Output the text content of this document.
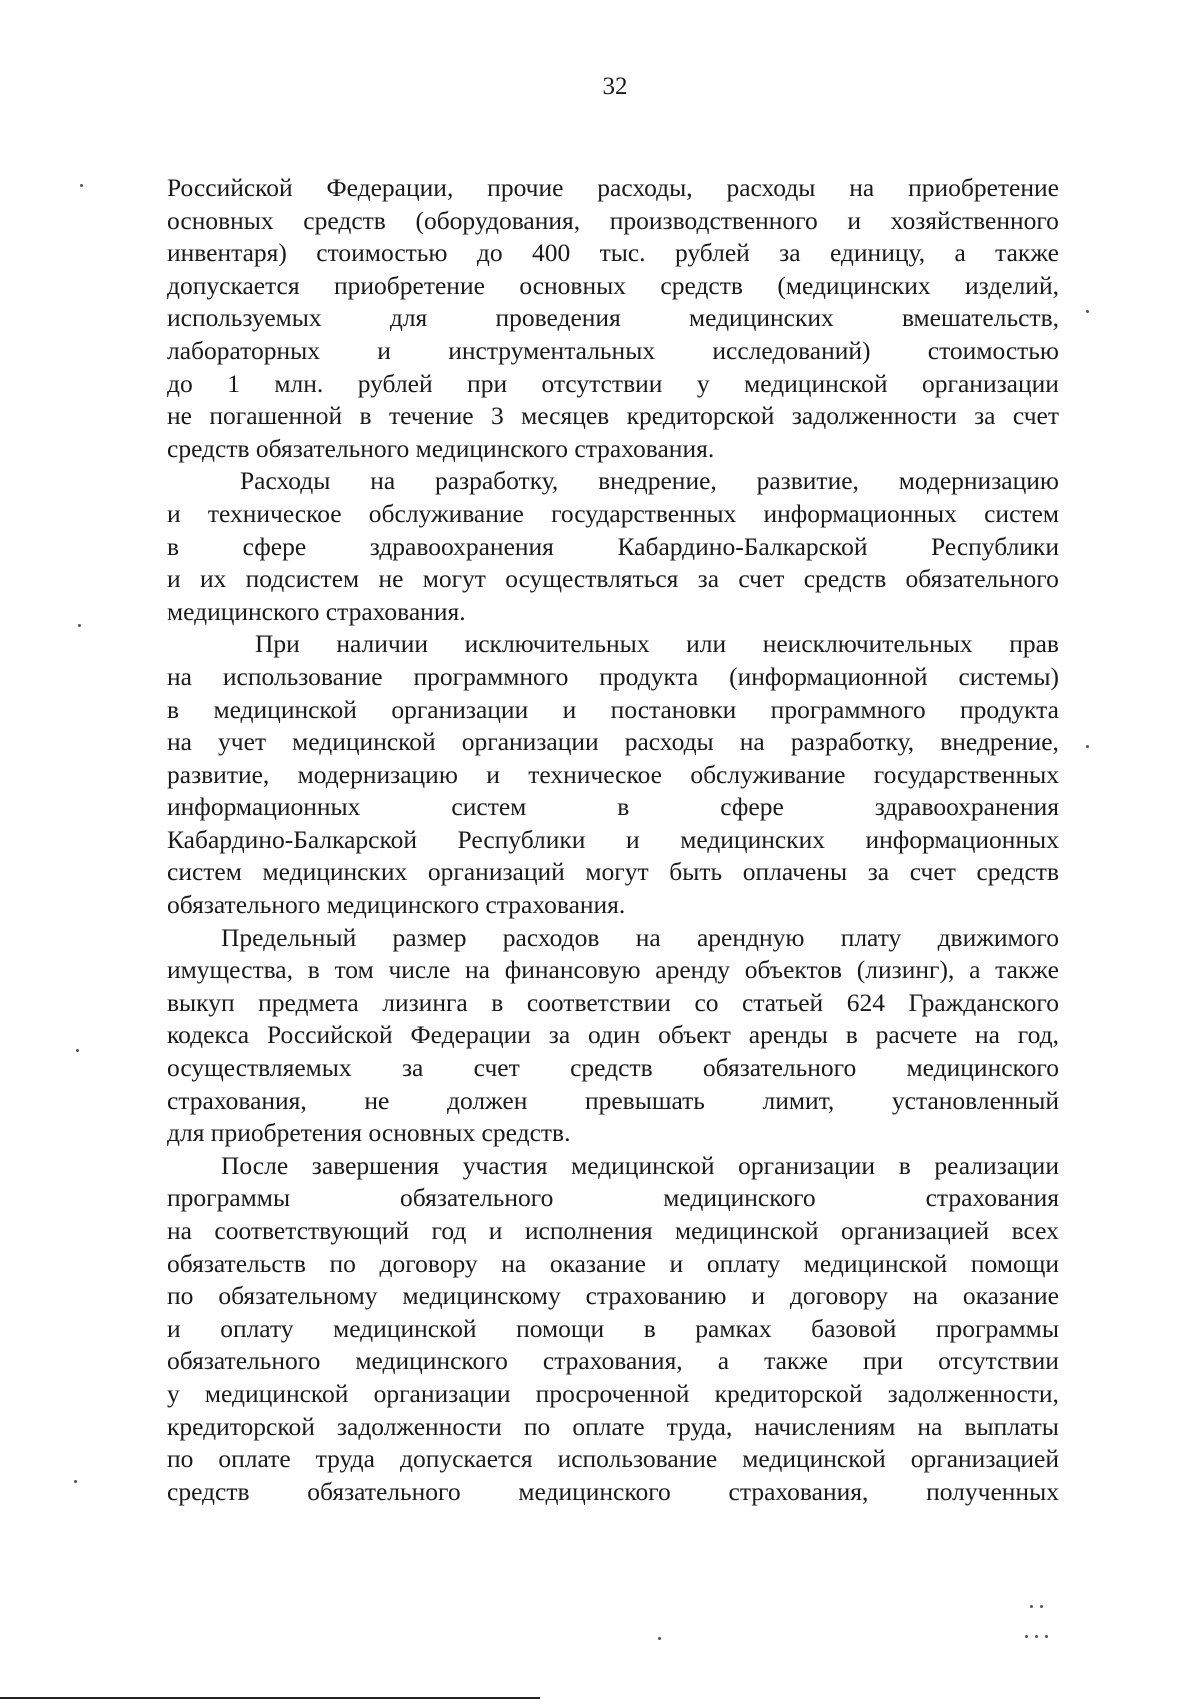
32
Российской Федерации, прочие расходы, расходы на приобретение
основных средств (оборудования, производственного и хозяйственного
инвентаря) стоимостью до 400 тыс. рублей за единицу, а также
допускается приобретение основных средств (медицинских изделий,
используемых	для	проведения	медицинских	вмешательств,
лабораторных и инструментальных исследований) стоимостью
до 1 млн. рублей при отсутствии у медицинской организации
не погашенной в течение 3 месяцев кредиторской задолженности за счет
средств обязательного медицинского страхования.
Расходы на разработку, внедрение, развитие, модернизацию
и техническое обслуживание государственных информационных систем
в сфере здравоохранения Кабардино-Балкарской Республики
и их подсистем не могут осуществляться за счет средств обязательного
медицинского страхования.
При наличии исключительных или неисключительных прав
на использование программного продукта (информационной системы)
в медицинской организации и постановки программного продукта
на учет медицинской организации расходы на разработку, внедрение,
развитие, модернизацию и техническое обслуживание государственных
информационных	систем	в	сфере	здравоохранения
Кабардино-Балкарской Республики и медицинских информационных
систем медицинских организаций могут быть оплачены за счет средств
обязательного медицинского страхования.
Предельный размер расходов на арендную плату движимого
имущества, в том числе на финансовую аренду объектов (лизинг), а также
выкуп предмета лизинга в соответствии со статьей 624 Гражданского
кодекса Российской Федерации за один объект аренды в расчете на год,
осуществляемых за счет средств обязательного медицинского
страхования, не должен превышать лимит, установленный
для приобретения основных средств.
После завершения участия медицинской организации в реализации
программы	обязательного	медицинского	страхования
на соответствующий год и исполнения медицинской организацией всех
обязательств по договору на оказание и оплату медицинской помощи
по обязательному медицинскому страхованию и договору на оказание
и оплату медицинской помощи в рамках базовой программы
обязательного медицинского страхования, а также при отсутствии
у медицинской организации просроченной кредиторской задолженности,
кредиторской задолженности по оплате труда, начислениям на выплаты
по оплате труда допускается использование медицинской организацией
средств обязательного медицинского страхования, полученных
